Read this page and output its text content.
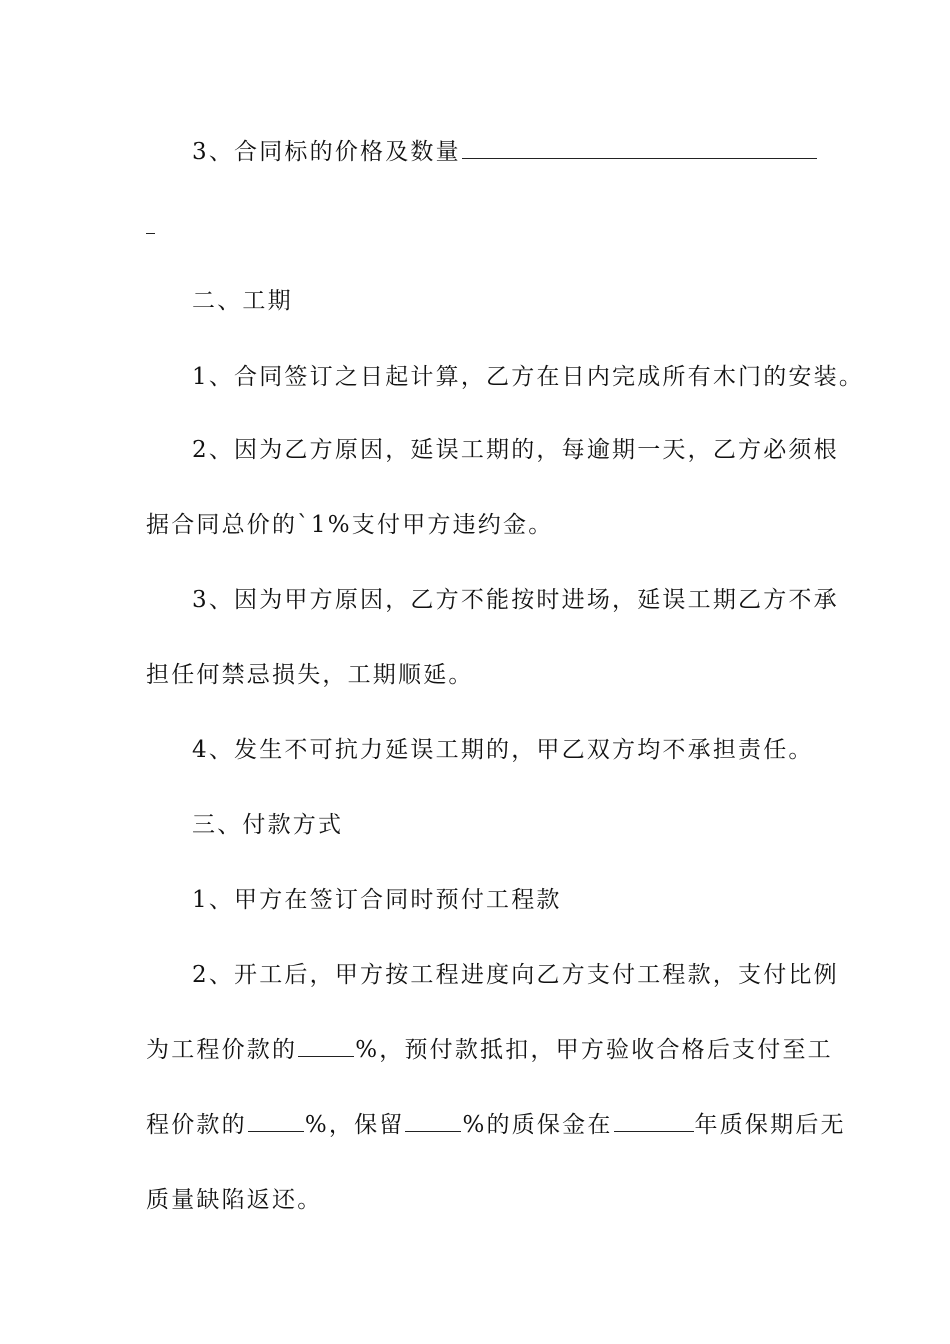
3、合同标的价格及数量
二、工期
1、合同签订之日起计算，乙方在日内完成所有木门的安装。
2、因为乙方原因，延误工期的，每逾期一天，乙方必须根
据合同总价的`1%支付甲方违约金。
3、因为甲方原因，乙方不能按时进场，延误工期乙方不承
担任何禁忌损失，工期顺延。
4、发生不可抗力延误工期的，甲乙双方均不承担责任。
三、付款方式
1、甲方在签订合同时预付工程款
2、开工后，甲方按工程进度向乙方支付工程款，支付比例
为工程价款的	%，预付款抵扣，甲方验收合格后支付至工
程价款的	%，保留	%的质保金在	年质保期后无
质量缺陷返还。
